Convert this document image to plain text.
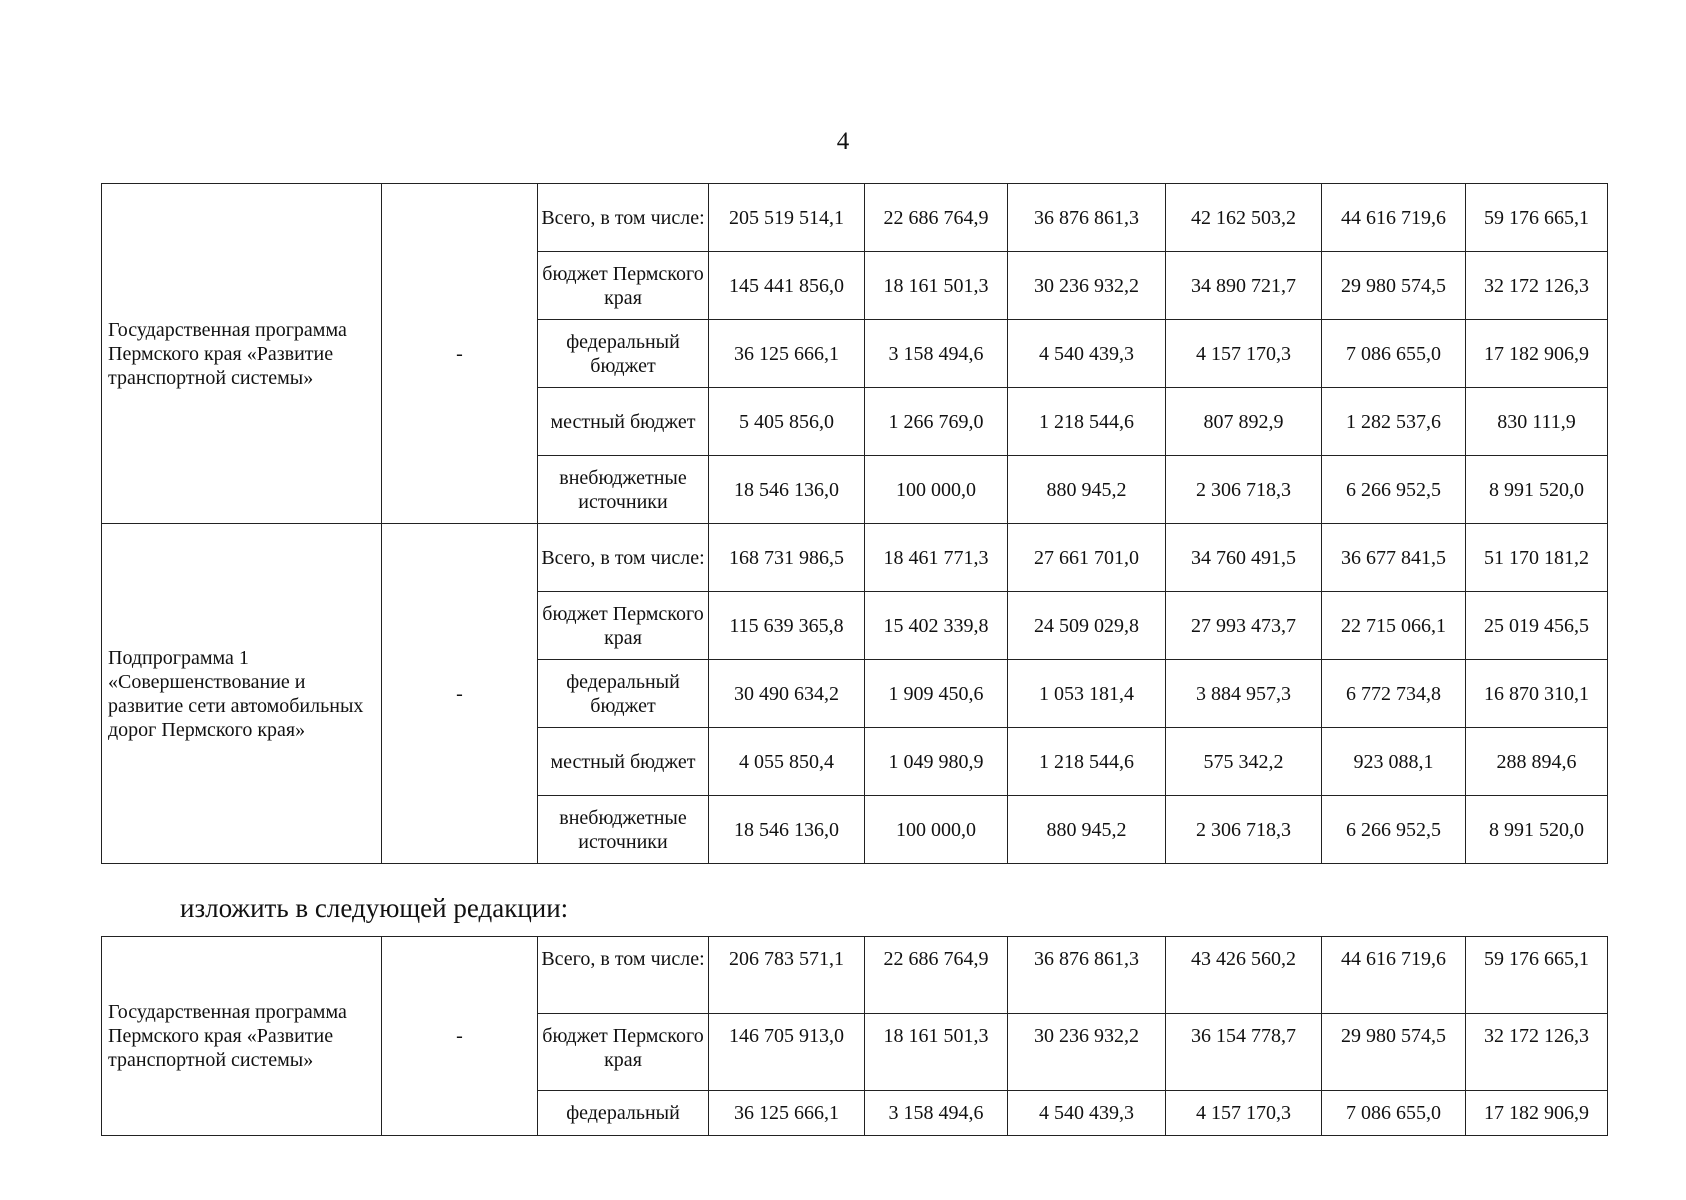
4
Государственная программа Пермского края «Развитие транспортной системы»	-	Всего, в том числе:	205 519 514,1	22 686 764,9	36 876 861,3	42 162 503,2	44 616 719,6	59 176 665,1
		бюджет Пермского края	145 441 856,0	18 161 501,3	30 236 932,2	34 890 721,7	29 980 574,5	32 172 126,3
		федеральный бюджет	36 125 666,1	3 158 494,6	4 540 439,3	4 157 170,3	7 086 655,0	17 182 906,9
		местный бюджет	5 405 856,0	1 266 769,0	1 218 544,6	807 892,9	1 282 537,6	830 111,9
		внебюджетные источники	18 546 136,0	100 000,0	880 945,2	2 306 718,3	6 266 952,5	8 991 520,0
Подпрограмма 1 «Совершенствование и развитие сети автомобильных дорог Пермского края»	-	Всего, в том числе:	168 731 986,5	18 461 771,3	27 661 701,0	34 760 491,5	36 677 841,5	51 170 181,2
		бюджет Пермского края	115 639 365,8	15 402 339,8	24 509 029,8	27 993 473,7	22 715 066,1	25 019 456,5
		федеральный бюджет	30 490 634,2	1 909 450,6	1 053 181,4	3 884 957,3	6 772 734,8	16 870 310,1
		местный бюджет	4 055 850,4	1 049 980,9	1 218 544,6	575 342,2	923 088,1	288 894,6
		внебюджетные источники	18 546 136,0	100 000,0	880 945,2	2 306 718,3	6 266 952,5	8 991 520,0
изложить в следующей редакции:
Государственная программа Пермского края «Развитие транспортной системы»	-	Всего, в том числе:	206 783 571,1	22 686 764,9	36 876 861,3	43 426 560,2	44 616 719,6	59 176 665,1
		бюджет Пермского края	146 705 913,0	18 161 501,3	30 236 932,2	36 154 778,7	29 980 574,5	32 172 126,3
		федеральный	36 125 666,1	3 158 494,6	4 540 439,3	4 157 170,3	7 086 655,0	17 182 906,9
